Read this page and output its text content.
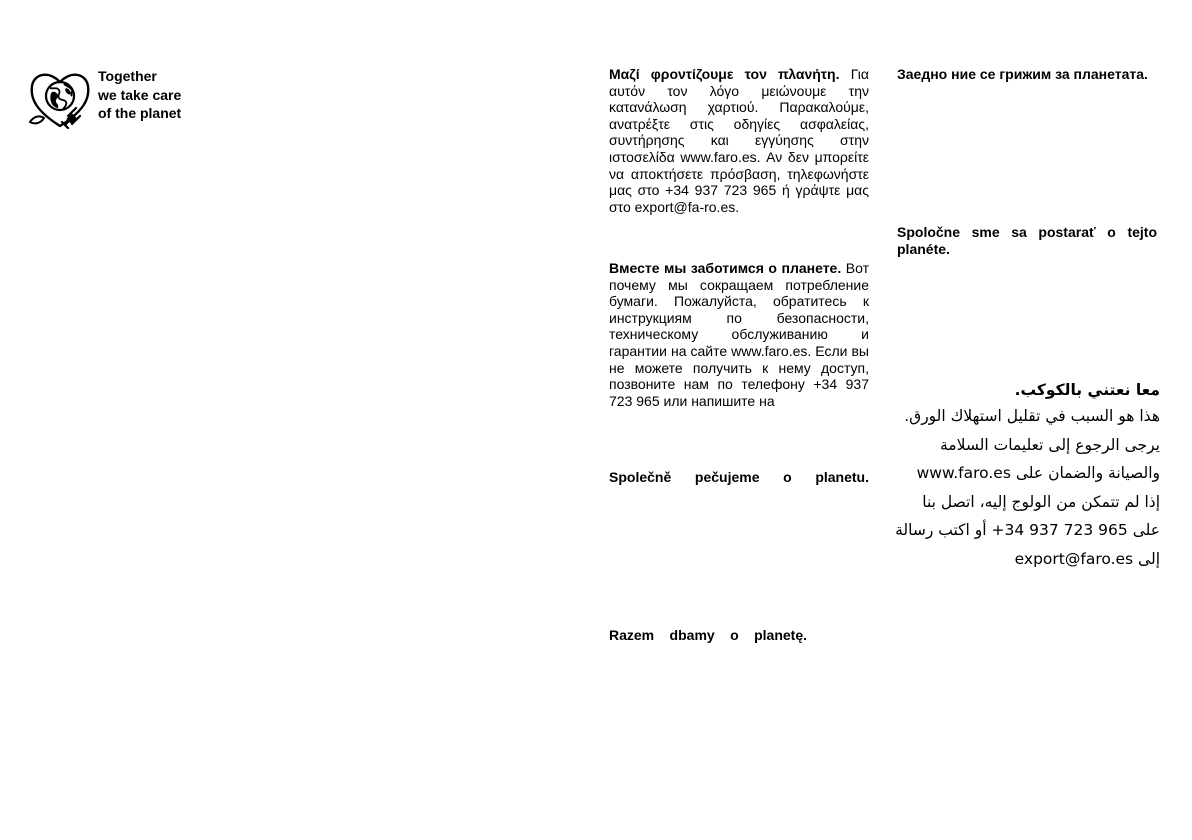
Together
we take care
of the planet

Μαζί φροντίζουμε τον πλανήτη. Για αυτόν τον λόγο μειώνουμε την κατανάλωση χαρτιού. Παρακαλούμε, ανατρέξτε στις οδηγίες ασφαλείας, συντήρησης και εγγύησης στην ιστοσελίδα www.faro.es. Αν δεν μπορείτε να αποκτήσετε πρόσβαση, τηλεφωνήστε μας στο +34 937 723 965 ή γράψτε μας στο export@fa-ro.es.

Вместе мы заботимся о планете. Вот почему мы сокращаем потребление бумаги. Пожалуйста, обратитесь к инструкциям по безопасности, техническому обслуживанию и гарантии на сайте www.faro.es. Если вы не можете получить к нему доступ, позвоните нам по телефону +34 937 723 965 или напишите на

Společně pečujeme o planetu.

Razem dbamy o planetę.

Заедно ние се грижим за планетата.

Spoločne sme sa postarať o tejto planéte.

معا نعتني بالكوكب.
هذا هو السبب في تقليل استهلاك الورق.
يرجى الرجوع إلى تعليمات السلامة
والصيانة والضمان على www.faro.es
إذا لم تتمكن من الولوج إليه، اتصل بنا
على +34 937 723 965 أو اكتب رسالة
إلى export@faro.es
